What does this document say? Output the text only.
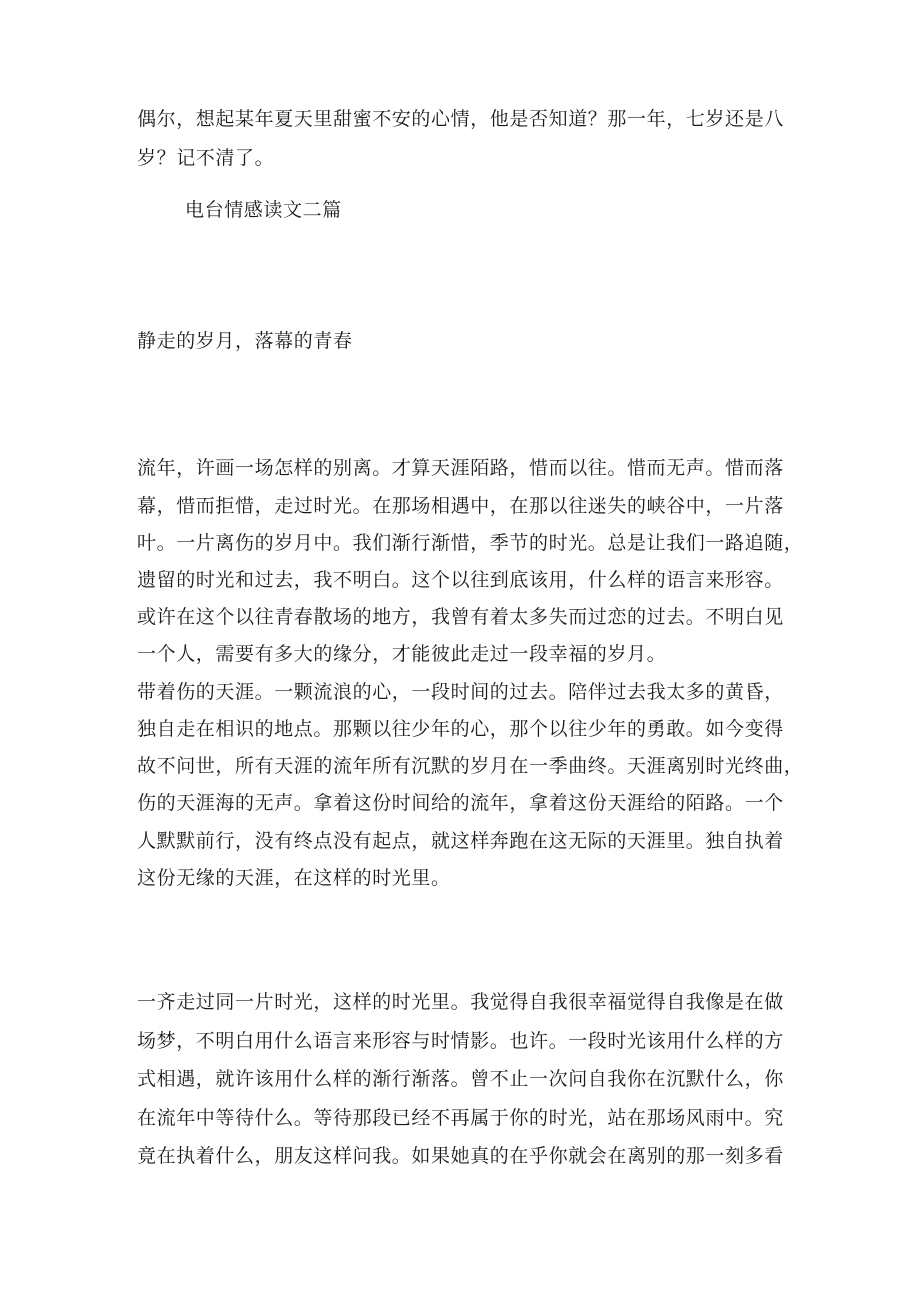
偶尔，想起某年夏天里甜蜜不安的心情，他是否知道？那一年，七岁还是八
岁？记不清了。
电台情感读文二篇
静走的岁月，落幕的青春
流年，许画一场怎样的别离。才算天涯陌路，惜而以往。惜而无声。惜而落
幕，惜而拒惜，走过时光。在那场相遇中，在那以往迷失的峡谷中，一片落
叶。一片离伤的岁月中。我们渐行渐惜，季节的时光。总是让我们一路追随，
遗留的时光和过去，我不明白。这个以往到底该用，什么样的语言来形容。
或许在这个以往青春散场的地方，我曾有着太多失而过恋的过去。不明白见
一个人，需要有多大的缘分，才能彼此走过一段幸福的岁月。
带着伤的天涯。一颗流浪的心，一段时间的过去。陪伴过去我太多的黄昏，
独自走在相识的地点。那颗以往少年的心，那个以往少年的勇敢。如今变得
故不问世，所有天涯的流年所有沉默的岁月在一季曲终。天涯离别时光终曲，
伤的天涯海的无声。拿着这份时间给的流年，拿着这份天涯给的陌路。一个
人默默前行，没有终点没有起点，就这样奔跑在这无际的天涯里。独自执着
这份无缘的天涯，在这样的时光里。
一齐走过同一片时光，这样的时光里。我觉得自我很幸福觉得自我像是在做
场梦，不明白用什么语言来形容与时情影。也许。一段时光该用什么样的方
式相遇，就许该用什么样的渐行渐落。曾不止一次问自我你在沉默什么，你
在流年中等待什么。等待那段已经不再属于你的时光，站在那场风雨中。究
竟在执着什么，朋友这样问我。如果她真的在乎你就会在离别的那一刻多看
